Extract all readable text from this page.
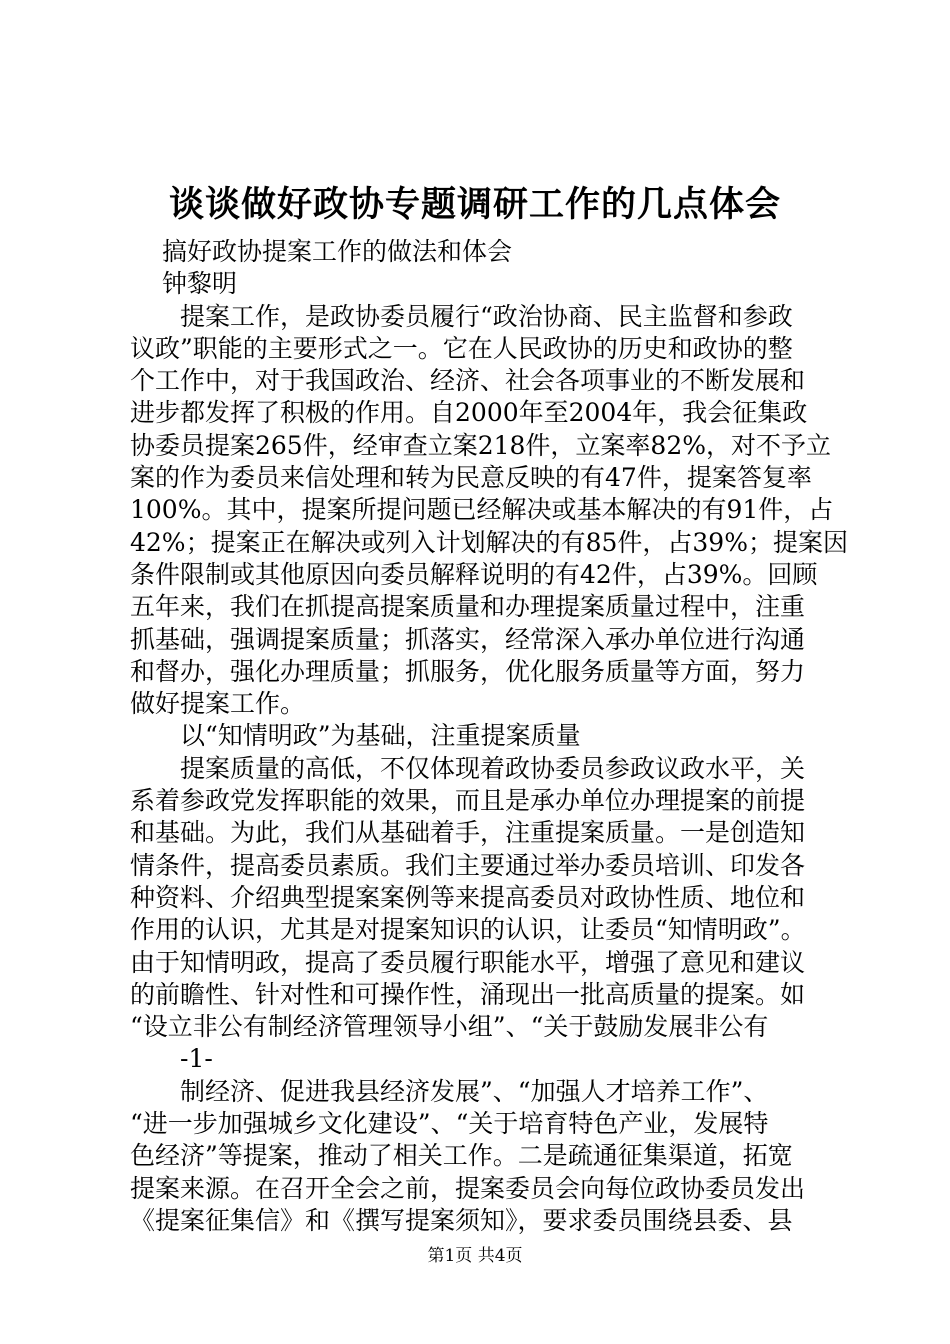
谈谈做好政协专题调研工作的几点体会
搞好政协提案工作的做法和体会
钟黎明
提案工作，是政协委员履行“政治协商、民主监督和参政
议政”职能的主要形式之一。它在人民政协的历史和政协的整
个工作中，对于我国政治、经济、社会各项事业的不断发展和
进步都发挥了积极的作用。自2000年至2004年，我会征集政
协委员提案265件，经审查立案218件，立案率82%，对不予立
案的作为委员来信处理和转为民意反映的有47件，提案答复率
100%。其中，提案所提问题已经解决或基本解决的有91件，占
42%；提案正在解决或列入计划解决的有85件，占39%；提案因
条件限制或其他原因向委员解释说明的有42件，占39%。回顾
五年来，我们在抓提高提案质量和办理提案质量过程中，注重
抓基础，强调提案质量；抓落实，经常深入承办单位进行沟通
和督办，强化办理质量；抓服务，优化服务质量等方面，努力
做好提案工作。
以“知情明政”为基础，注重提案质量
提案质量的高低，不仅体现着政协委员参政议政水平，关
系着参政党发挥职能的效果，而且是承办单位办理提案的前提
和基础。为此，我们从基础着手，注重提案质量。一是创造知
情条件，提高委员素质。我们主要通过举办委员培训、印发各
种资料、介绍典型提案案例等来提高委员对政协性质、地位和
作用的认识，尤其是对提案知识的认识，让委员“知情明政”。
由于知情明政，提高了委员履行职能水平，增强了意见和建议
的前瞻性、针对性和可操作性，涌现出一批高质量的提案。如
“设立非公有制经济管理领导小组”、“关于鼓励发展非公有
-1-
制经济、促进我县经济发展”、“加强人才培养工作”、
“进一步加强城乡文化建设”、“关于培育特色产业，发展特
色经济”等提案，推动了相关工作。二是疏通征集渠道，拓宽
提案来源。在召开全会之前，提案委员会向每位政协委员发出
《提案征集信》和《撰写提案须知》，要求委员围绕县委、县
第1页 共4页
